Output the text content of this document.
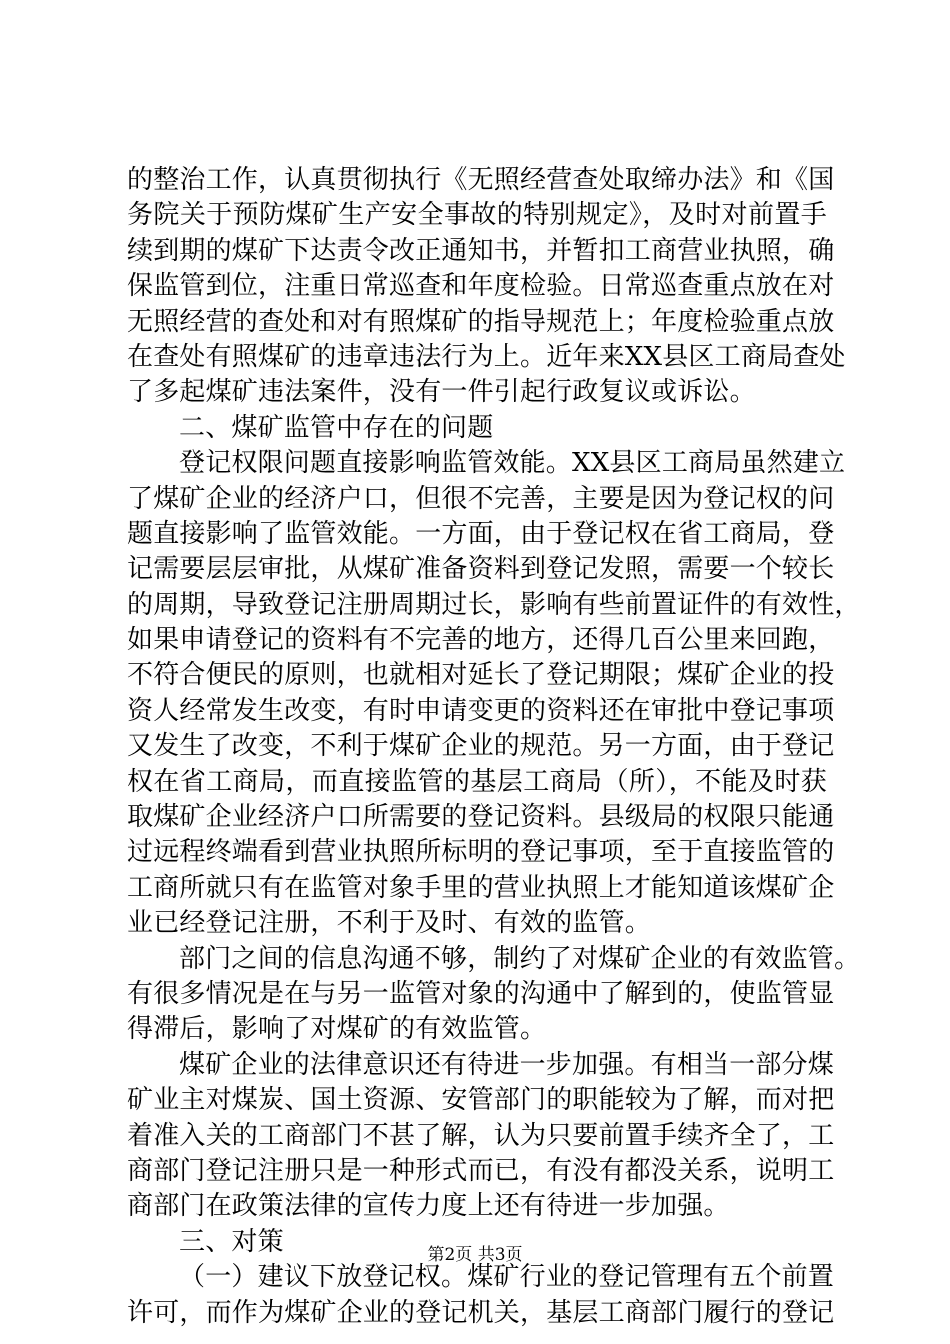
的整治工作，认真贯彻执行《无照经营查处取缔办法》和《国
务院关于预防煤矿生产安全事故的特别规定》，及时对前置手
续到期的煤矿下达责令改正通知书，并暂扣工商营业执照，确
保监管到位，注重日常巡查和年度检验。日常巡查重点放在对
无照经营的查处和对有照煤矿的指导规范上；年度检验重点放
在查处有照煤矿的违章违法行为上。近年来XX县区工商局查处
了多起煤矿违法案件，没有一件引起行政复议或诉讼。
二、煤矿监管中存在的问题
登记权限问题直接影响监管效能。XX县区工商局虽然建立
了煤矿企业的经济户口，但很不完善，主要是因为登记权的问
题直接影响了监管效能。一方面，由于登记权在省工商局，登
记需要层层审批，从煤矿准备资料到登记发照，需要一个较长
的周期，导致登记注册周期过长，影响有些前置证件的有效性，
如果申请登记的资料有不完善的地方，还得几百公里来回跑，
不符合便民的原则，也就相对延长了登记期限；煤矿企业的投
资人经常发生改变，有时申请变更的资料还在审批中登记事项
又发生了改变，不利于煤矿企业的规范。另一方面，由于登记
权在省工商局，而直接监管的基层工商局（所），不能及时获
取煤矿企业经济户口所需要的登记资料。县级局的权限只能通
过远程终端看到营业执照所标明的登记事项，至于直接监管的
工商所就只有在监管对象手里的营业执照上才能知道该煤矿企
业已经登记注册，不利于及时、有效的监管。
部门之间的信息沟通不够，制约了对煤矿企业的有效监管。
有很多情况是在与另一监管对象的沟通中了解到的，使监管显
得滞后，影响了对煤矿的有效监管。
煤矿企业的法律意识还有待进一步加强。有相当一部分煤
矿业主对煤炭、国土资源、安管部门的职能较为了解，而对把
着准入关的工商部门不甚了解，认为只要前置手续齐全了，工
商部门登记注册只是一种形式而已，有没有都没关系，说明工
商部门在政策法律的宣传力度上还有待进一步加强。
三、对策
（一）建议下放登记权。煤矿行业的登记管理有五个前置
许可，而作为煤矿企业的登记机关，基层工商部门履行的登记
第2页 共3页
